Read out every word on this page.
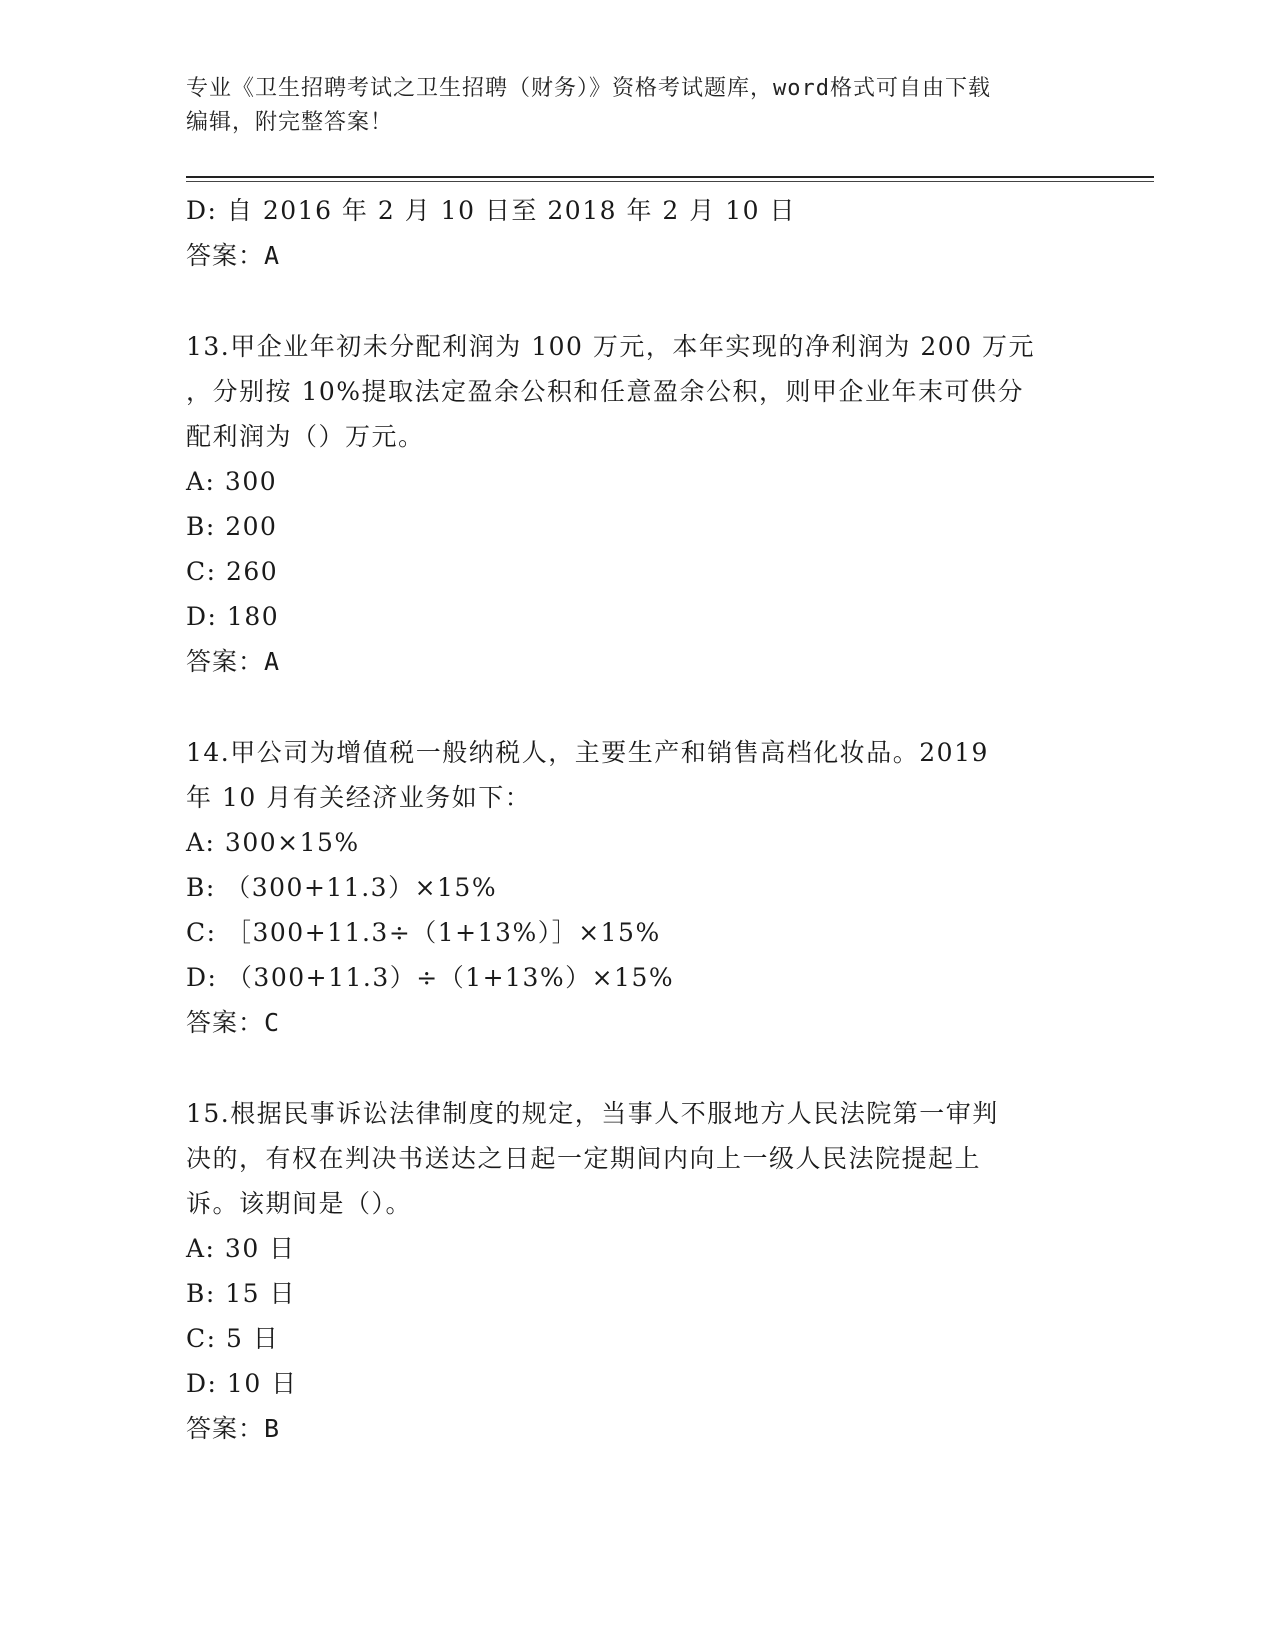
专业《卫生招聘考试之卫生招聘（财务）》资格考试题库，word格式可自由下载
编辑，附完整答案！
D: 自 2016 年 2 月 10 日至 2018 年 2 月 10 日
答案：A
13.甲企业年初未分配利润为 100 万元，本年实现的净利润为 200 万元
，分别按 10%提取法定盈余公积和任意盈余公积，则甲企业年末可供分
配利润为（）万元。
A: 300
B: 200
C: 260
D: 180
答案：A
14.甲公司为增值税一般纳税人，主要生产和销售高档化妆品。2019
年 10 月有关经济业务如下：
A: 300×15%
B: （300+11.3）×15%
C: ［300+11.3÷（1+13%）］×15%
D: （300+11.3）÷（1+13%）×15%
答案：C
15.根据民事诉讼法律制度的规定，当事人不服地方人民法院第一审判
决的，有权在判决书送达之日起一定期间内向上一级人民法院提起上
诉。该期间是（）。
A: 30 日
B: 15 日
C: 5 日
D: 10 日
答案：B
